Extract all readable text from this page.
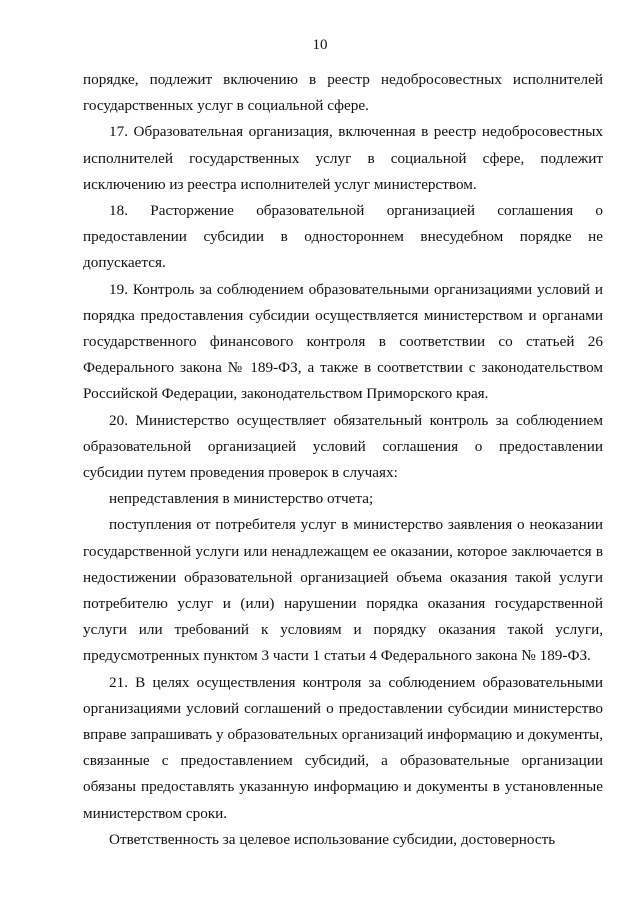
10

порядке, подлежит включению в реестр недобросовестных исполнителей государственных услуг в социальной сфере.

17. Образовательная организация, включенная в реестр недобросовестных исполнителей государственных услуг в социальной сфере, подлежит исключению из реестра исполнителей услуг министерством.

18. Расторжение образовательной организацией соглашения о предоставлении субсидии в одностороннем внесудебном порядке не допускается.

19. Контроль за соблюдением образовательными организациями условий и порядка предоставления субсидии осуществляется министерством и органами государственного финансового контроля в соответствии со статьей 26 Федерального закона № 189-ФЗ, а также в соответствии с законодательством Российской Федерации, законодательством Приморского края.

20. Министерство осуществляет обязательный контроль за соблюдением образовательной организацией условий соглашения о предоставлении субсидии путем проведения проверок в случаях:

непредставления в министерство отчета;

поступления от потребителя услуг в министерство заявления о неоказании государственной услуги или ненадлежащем ее оказании, которое заключается в недостижении образовательной организацией объема оказания такой услуги потребителю услуг и (или) нарушении порядка оказания государственной услуги или требований к условиям и порядку оказания такой услуги, предусмотренных пунктом 3 части 1 статьи 4 Федерального закона № 189-ФЗ.

21. В целях осуществления контроля за соблюдением образовательными организациями условий соглашений о предоставлении субсидии министерство вправе запрашивать у образовательных организаций информацию и документы, связанные с предоставлением субсидий, а образовательные организации обязаны предоставлять указанную информацию и документы в установленные министерством сроки.

Ответственность за целевое использование субсидии, достоверность
